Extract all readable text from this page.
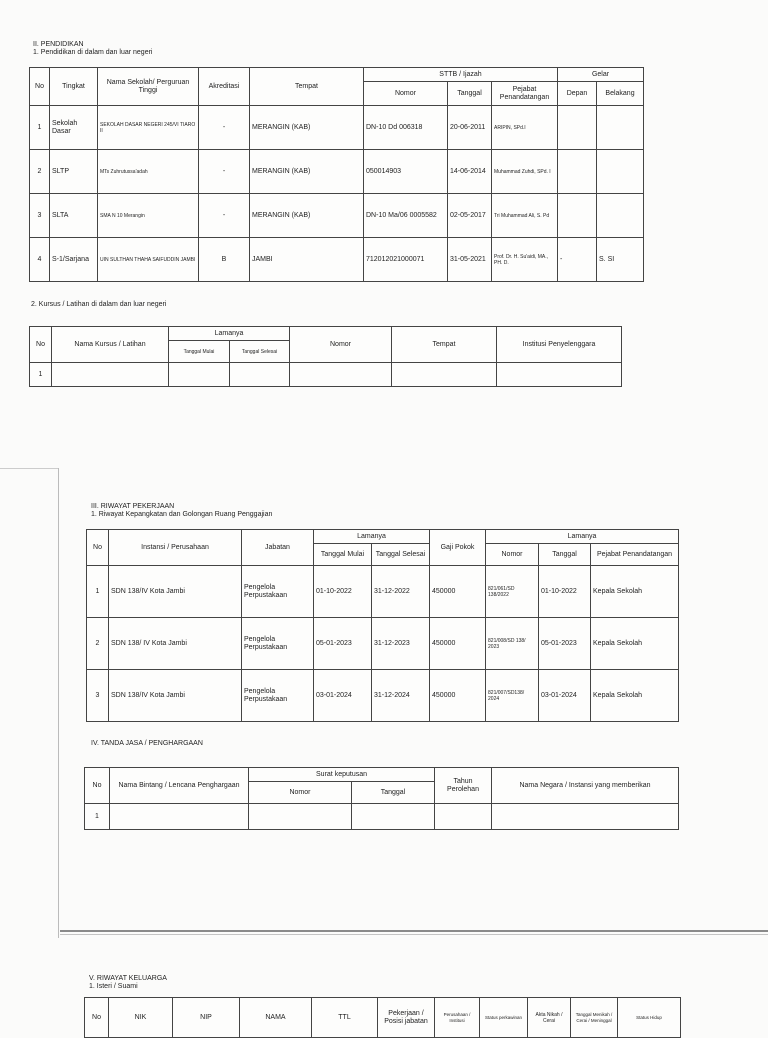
II. PENDIDIKAN
1. Pendidikan di dalam dan luar negeri
No	Tingkat	Nama Sekolah/ Perguruan Tinggi	Akreditasi	Tempat	STTB / Ijazah			Gelar	
					Nomor	Tanggal	Pejabat Penandatangan	Depan	Belakang
1	Sekolah Dasar	SEKOLAH DASAR NEGERI 245/VI TIARO II	-	MERANGIN (KAB)	DN-10 Dd 006318	20-06-2011	ARIPIN, SPd.I		
2	SLTP	MTs Zuhrutussa'adah	-	MERANGIN (KAB)	050014903	14-06-2014	Muhammad Zuhdi, SPd. I		
3	SLTA	SMA N 10 Merangin	-	MERANGIN (KAB)	DN-10 Ma/06 0005582	02-05-2017	Tri Muhammad Ali, S. Pd		
4	S-1/Sarjana	UIN SULTHAN THAHA SAIFUDDIN JAMBI	B	JAMBI	712012021000071	31-05-2021	Prof. Dr. H. Su'aidi, MA., PH. D.	-	S. SI
2. Kursus / Latihan di dalam dan luar negeri
No	Nama Kursus / Latihan	Lamanya		Nomor	Tempat	Institusi Penyelenggara
		Tanggal Mulai	Tanggal Selesai			
1						
III. RIWAYAT PEKERJAAN
1. Riwayat Kepangkatan dan Golongan Ruang Penggajian
No	Instansi / Perusahaan	Jabatan	Lamanya		Gaji Pokok	Lamanya		
			Tanggal Mulai	Tanggal Selesai		Nomor	Tanggal	Pejabat Penandatangan
1	SDN 138/IV Kota Jambi	Pengelola Perpustakaan	01-10-2022	31-12-2022	450000	821/061/SD 138/2022	01-10-2022	Kepala Sekolah
2	SDN 138/ IV Kota Jambi	Pengelola Perpustakaan	05-01-2023	31-12-2023	450000	821/008/SD 138/ 2023	05-01-2023	Kepala Sekolah
3	SDN 138/IV Kota Jambi	Pengelola Perpustakaan	03-01-2024	31-12-2024	450000	821/007/SD138/ 2024	03-01-2024	Kepala Sekolah
IV. TANDA JASA / PENGHARGAAN
No	Nama Bintang / Lencana Penghargaan	Surat keputusan		Tahun Perolehan	Nama Negara / Instansi yang memberikan
		Nomor	Tanggal		
1					
V. RIWAYAT KELUARGA
1. Isteri / Suami
No	NIK	NIP	NAMA	TTL	Pekerjaan / Posisi jabatan	Perusahaan / Institusi	Status perkawinan	Akta Nikah / Cerai	Tanggal Menikah / Cerai / Meninggal	Status Hidup
